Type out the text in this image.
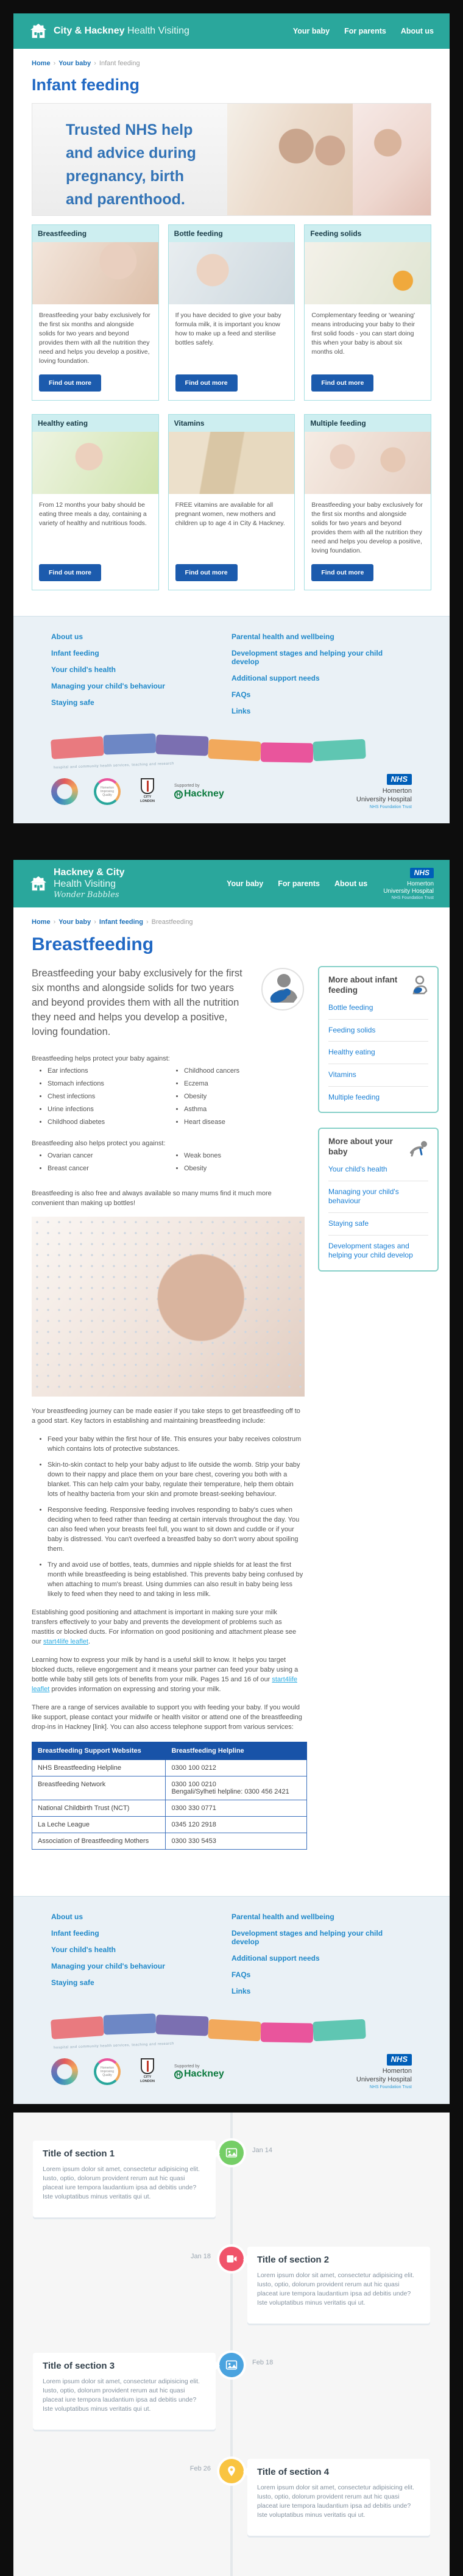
City & Hackney Health Visiting	Your baby For parents About us
Home › Your baby › Infant feeding
Infant feeding
Trusted NHS help
and advice during
pregnancy, birth
and parenthood.
Breastfeeding
Breastfeeding your baby exclusively for the first six months and alongside solids for two years and beyond provides them with all the nutrition they need and helps you develop a positive, loving foundation.
Find out more
Bottle feeding
If you have decided to give your baby formula milk, it is important you know how to make up a feed and sterilise bottles safely.
Find out more
Feeding solids
Complementary feeding or 'weaning' means introducing your baby to their first solid foods - you can start doing this when your baby is about six months old.
Find out more
Healthy eating
From 12 months your baby should be eating three meals a day, containing a variety of healthy and nutritious foods.
Find out more
Vitamins
FREE vitamins are available for all pregnant women, new mothers and children up to age 4 in City & Hackney.
Find out more
Multiple feeding
Breastfeeding your baby exclusively for the first six months and alongside solids for two years and beyond provides them with all the nutrition they need and helps you develop a positive, loving foundation.
Find out more
About us
Infant feeding
Your child's health
Managing your child's behaviour
Staying safe
Parental health and wellbeing
Development stages and helping your child develop
Additional support needs
FAQs
Links
hospital and community health services, teaching and research
Homerton Improving Quality	CITY LONDON
Supported by
H Hackney
NHS
Homerton
University Hospital
NHS Foundation Trust
Hackney & City
Health Visiting
Wonder Babbles
Your baby For parents About us
NHS
Homerton
University Hospital
NHS Foundation Trust
Home › Your baby › Infant feeding › Breastfeeding
Breastfeeding

Breastfeeding your baby exclusively for the first six months and alongside solids for two years and beyond provides them with all the nutrition they need and helps you develop a positive, loving foundation.

Breastfeeding helps protect your baby against:
• Ear infections
• Stomach infections
• Chest infections
• Urine infections
• Childhood diabetes
• Childhood cancers
• Eczema
• Obesity
• Asthma
• Heart disease
Breastfeeding also helps protect you against:
• Ovarian cancer
• Breast cancer
• Weak bones
• Obesity

Breastfeeding is also free and always available so many mums find it much more convenient than making up bottles!

Your breastfeeding journey can be made easier if you take steps to get breastfeeding off to a good start. Key factors in establishing and maintaining breastfeeding include:

• Feed your baby within the first hour of life. This ensures your baby receives colostrum which contains lots of protective substances.
• Skin-to-skin contact to help your baby adjust to life outside the womb. Strip your baby down to their nappy and place them on your bare chest, covering you both with a blanket. This can help calm your baby, regulate their temperature, help them obtain lots of healthy bacteria from your skin and promote breast-seeking behaviour.
• Responsive feeding. Responsive feeding involves responding to baby's cues when deciding when to feed rather than feeding at certain intervals throughout the day. You can also feed when your breasts feel full, you want to sit down and cuddle or if your baby is distressed. You can't overfeed a breastfed baby so don't worry about spoiling them.
• Try and avoid use of bottles, teats, dummies and nipple shields for at least the first month while breastfeeding is being established. This prevents baby being confused by when attaching to mum's breast. Using dummies can also result in baby being less likely to feed when they need to and taking in less milk.

Establishing good positioning and attachment is important in making sure your milk transfers effectively to your baby and prevents the development of problems such as mastitis or blocked ducts. For information on good positioning and attachment please see our start4life leaflet.

Learning how to express your milk by hand is a useful skill to know. It helps you target blocked ducts, relieve engorgement and it means your partner can feed your baby using a bottle while baby still gets lots of benefits from your milk. Pages 15 and 16 of our start4life leaflet provides information on expressing and storing your milk.

There are a range of services available to support you with feeding your baby. If you would like support, please contact your midwife or health visitor or attend one of the breastfeeding drop-ins in Hackney [link]. You can also access telephone support from various services:

Breastfeeding Support Websites	Breastfeeding Helpline
NHS Breastfeeding Helpline	0300 100 0212
Breastfeeding Network	0300 100 0210
Bengali/Sylheti helpline: 0300 456 2421

National Childbirth Trust (NCT)	0300 330 0771
La Leche League	0345 120 2918
Association of Breastfeeding Mothers	0300 330 5453
More about infant feeding
Bottle feeding
Feeding solids
Healthy eating
Vitamins
Multiple feeding
More about your baby
Your child's health
Managing your child's behaviour
Staying safe
Development stages and helping your child develop
About us
Infant feeding
Your child's health
Managing your child's behaviour
Staying safe
Parental health and wellbeing
Development stages and helping your child develop
Additional support needs
FAQs
Links
hospital and community health services, teaching and research
Homerton Improving Quality	CITY LONDON
Supported by
H Hackney
NHS
Homerton
University Hospital
NHS Foundation Trust
Jan 14
Title of section 1

Lorem ipsum dolor sit amet, consectetur adipisicing elit. Iusto, optio, dolorum provident rerum aut hic quasi placeat iure tempora laudantium ipsa ad debitis unde? Iste voluptatibus minus veritatis qui ut.

Jan 18	Title of section 2

Lorem ipsum dolor sit amet, consectetur adipisicing elit. Iusto, optio, dolorum provident rerum aut hic quasi placeat iure tempora laudantium ipsa ad debitis unde? Iste voluptatibus minus veritatis qui ut.

Feb 18
Title of section 3

Lorem ipsum dolor sit amet, consectetur adipisicing elit. Iusto, optio, dolorum provident rerum aut hic quasi placeat iure tempora laudantium ipsa ad debitis unde? Iste voluptatibus minus veritatis qui ut.

Feb 26	Title of section 4

Lorem ipsum dolor sit amet, consectetur adipisicing elit. Iusto, optio, dolorum provident rerum aut hic quasi placeat iure tempora laudantium ipsa ad debitis unde? Iste voluptatibus minus veritatis qui ut.
